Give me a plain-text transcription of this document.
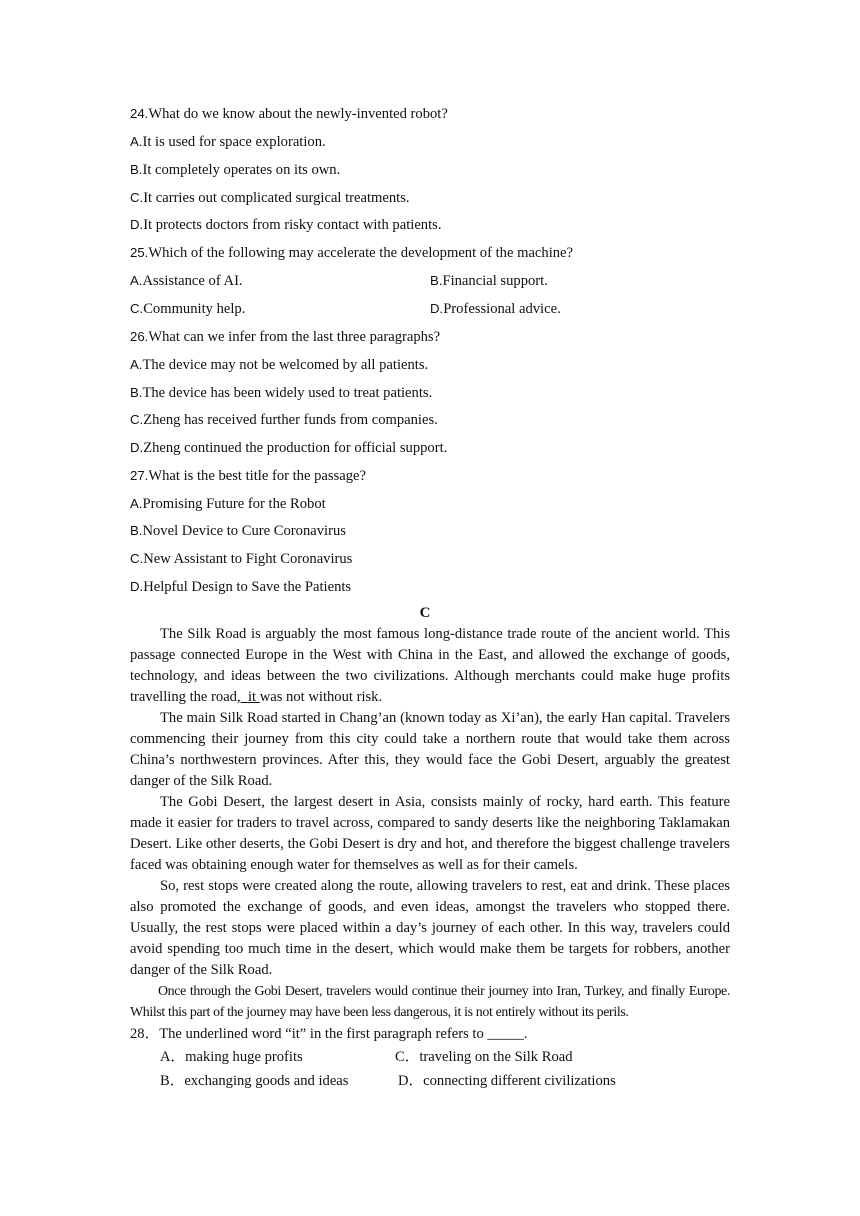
24.What do we know about the newly-invented robot?
A.It is used for space exploration.
B.It completely operates on its own.
C.It carries out complicated surgical treatments.
D.It protects doctors from risky contact with patients.
25.Which of the following may accelerate the development of the machine?
A.Assistance of AI.	B.Financial support.
C.Community help.	D.Professional advice.
26.What can we infer from the last three paragraphs?
A.The device may not be welcomed by all patients.
B.The device has been widely used to treat patients.
C.Zheng has received further funds from companies.
D.Zheng continued the production for official support.
27.What is the best title for the passage?
A.Promising Future for the Robot
B.Novel Device to Cure Coronavirus
C.New Assistant to Fight Coronavirus
D.Helpful Design to Save the Patients
C

The Silk Road is arguably the most famous long-distance trade route of the ancient world. This passage connected Europe in the West with China in the East, and allowed the exchange of goods, technology, and ideas between the two civilizations. Although merchants could make huge profits travelling the road,  it was not without risk.

The main Silk Road started in Chang’an (known today as Xi’an), the early Han capital. Travelers commencing their journey from this city could take a northern route that would take them across China’s northwestern provinces. After this, they would face the Gobi Desert, arguably the greatest danger of the Silk Road.

The Gobi Desert, the largest desert in Asia, consists mainly of rocky, hard earth. This feature made it easier for traders to travel across, compared to sandy deserts like the neighboring Taklamakan Desert. Like other deserts, the Gobi Desert is dry and hot, and therefore the biggest challenge travelers faced was obtaining enough water for themselves as well as for their camels.

So, rest stops were created along the route, allowing travelers to rest, eat and drink. These places also promoted the exchange of goods, and even ideas, amongst the travelers who stopped there. Usually, the rest stops were placed within a day’s journey of each other. In this way, travelers could avoid spending too much time in the desert, which would make them be targets for robbers, another danger of the Silk Road.

Once through the Gobi Desert, travelers would continue their journey into Iran, Turkey, and finally Europe. Whilst this part of the journey may have been less dangerous, it is not entirely without its perils.

28．The underlined word “it” in the first paragraph refers to _____.
A．making huge profits	C．traveling on the Silk Road
B．exchanging goods and ideas	D．connecting different civilizations
